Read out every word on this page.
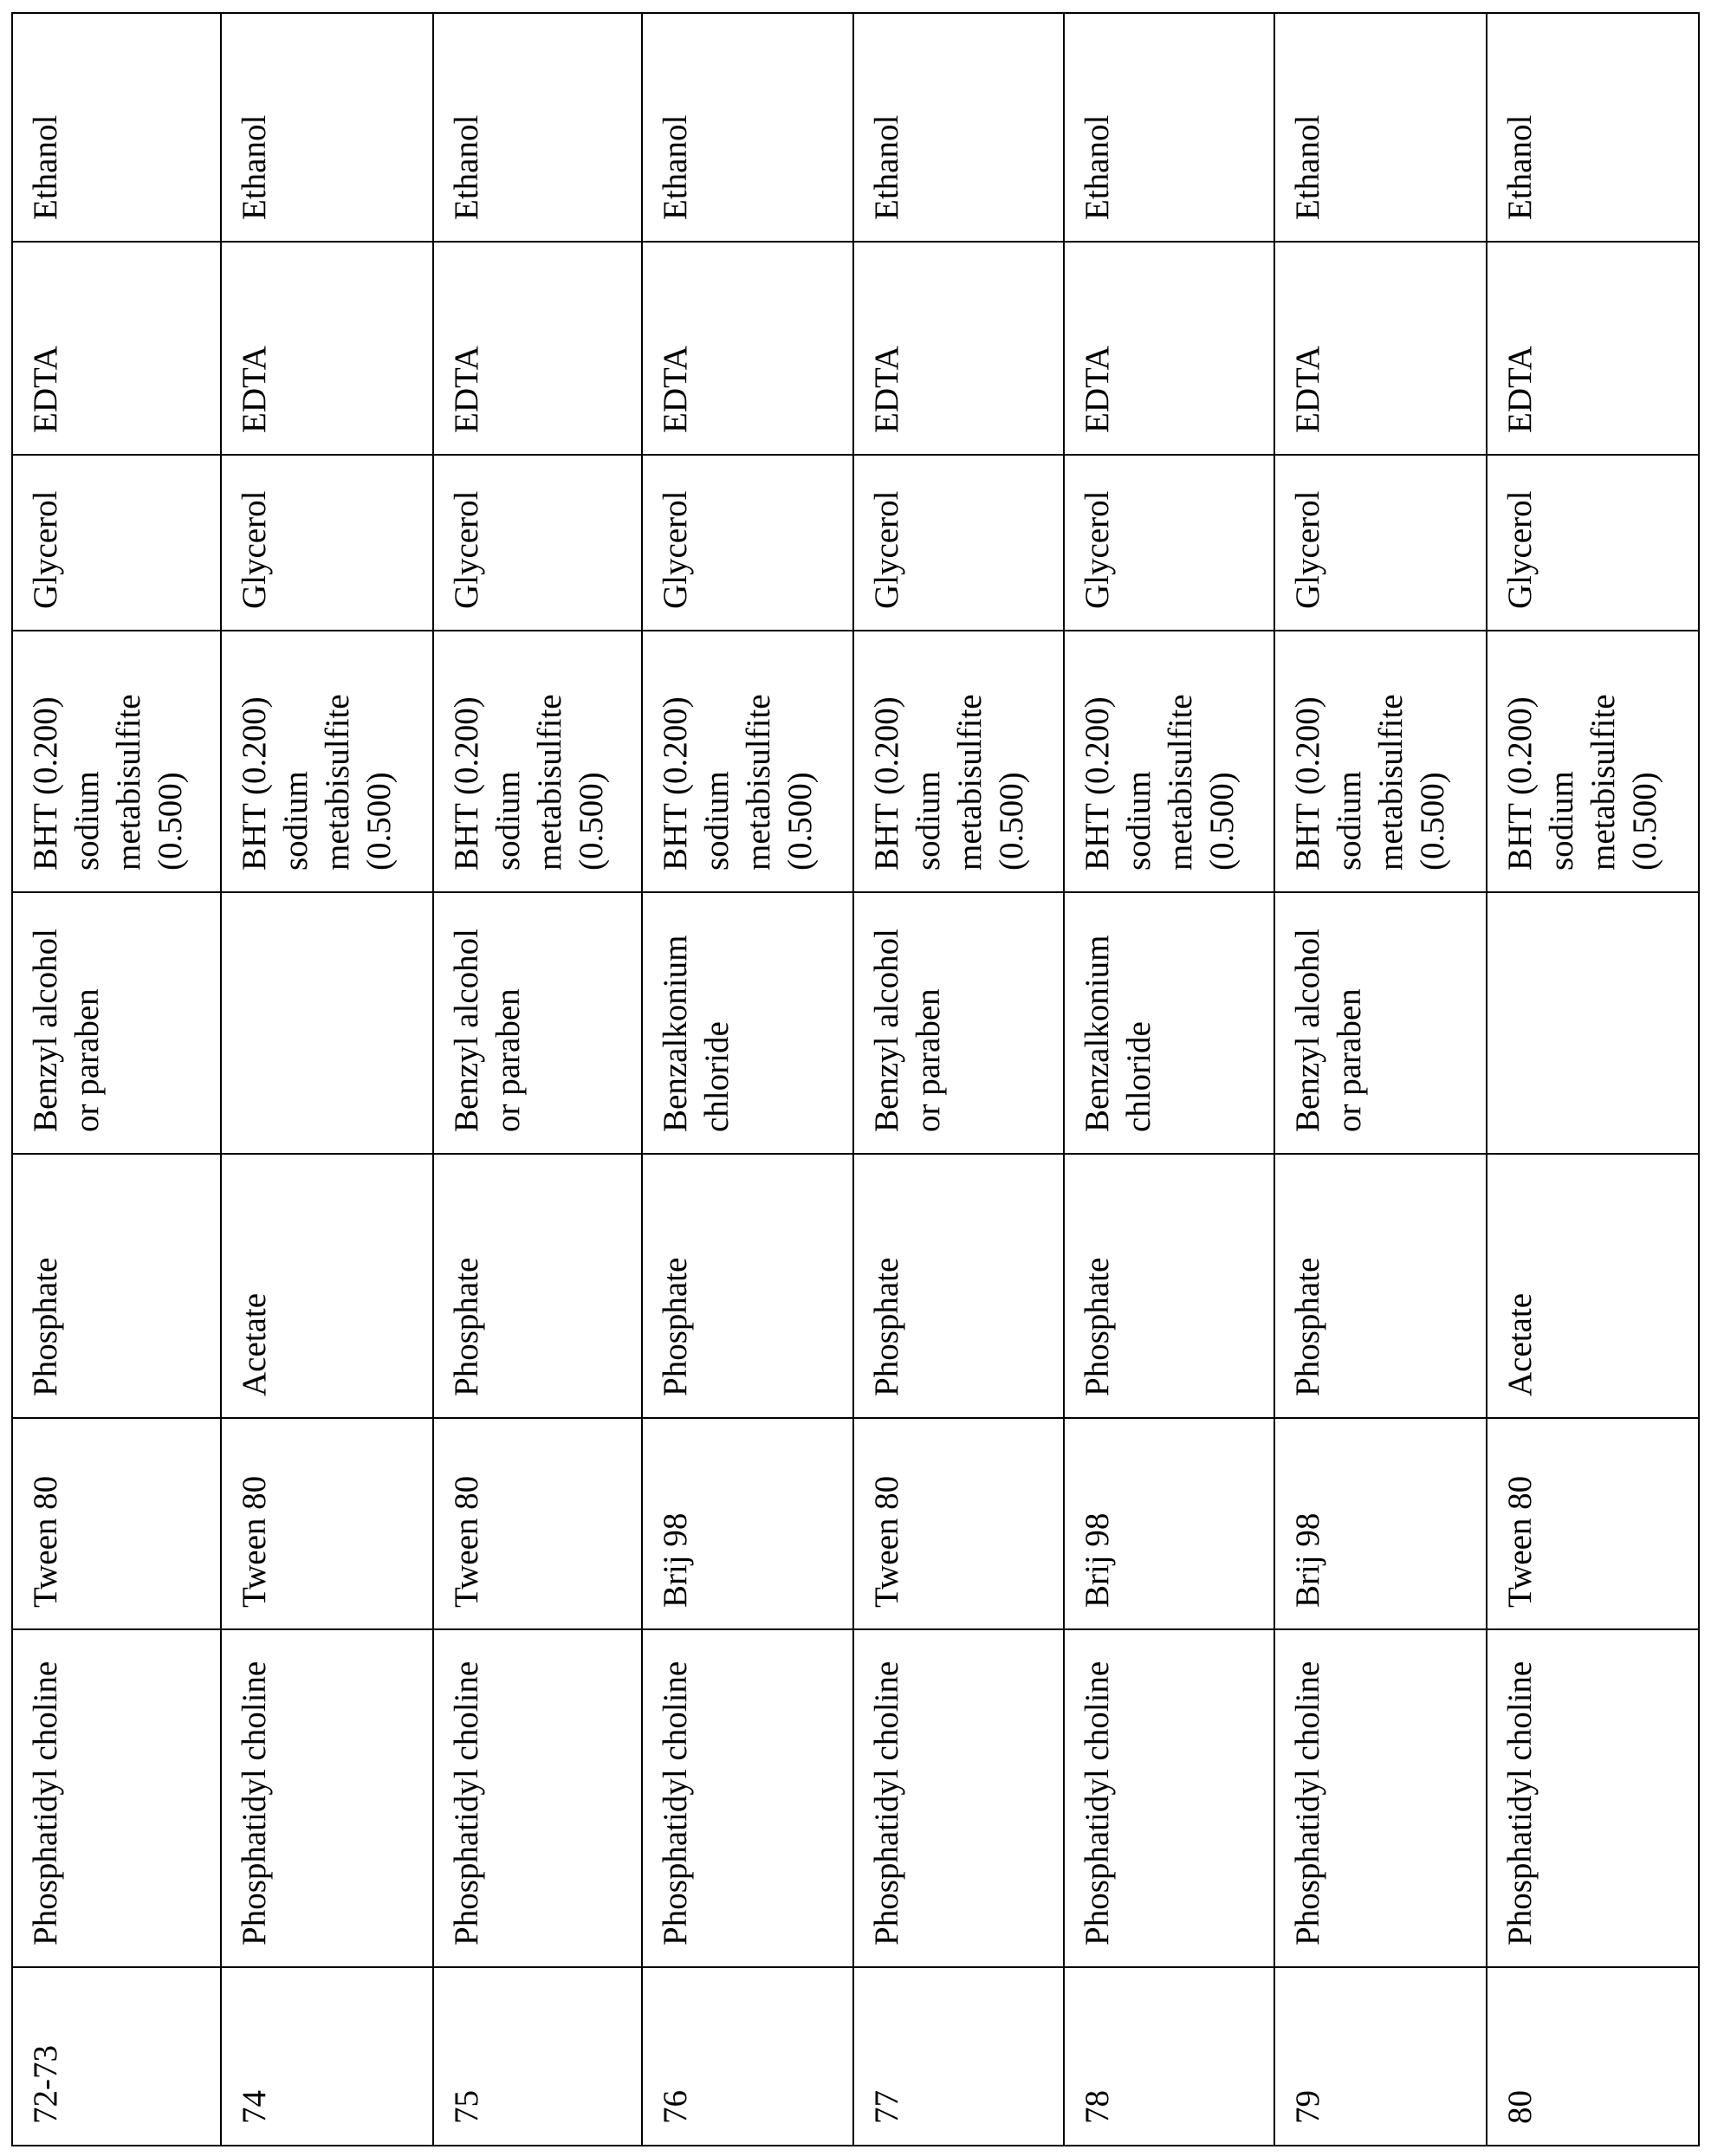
Ethanol
EDTA
Glycerol
BHT (0.200)
sodium
metabisulfite
(0.500)
Benzyl alcohol
or paraben
Phosphate
Tween 80
Phosphatidyl choline
72-73
Ethanol
EDTA
Glycerol
BHT (0.200)
sodium
metabisulfite
(0.500)
Acetate
Tween 80
Phosphatidyl choline
74
Ethanol
EDTA
Glycerol
BHT (0.200)
sodium
metabisulfite
(0.500)
Benzyl alcohol
or paraben
Phosphate
Tween 80
Phosphatidyl choline
75
Ethanol
EDTA
Glycerol
BHT (0.200)
sodium
metabisulfite
(0.500)
Benzalkonium
chloride
Phosphate
Brij 98
Phosphatidyl choline
76
Ethanol
EDTA
Glycerol
BHT (0.200)
sodium
metabisulfite
(0.500)
Benzyl alcohol
or paraben
Phosphate
Tween 80
Phosphatidyl choline
77
Ethanol
EDTA
Glycerol
BHT (0.200)
sodium
metabisulfite
(0.500)
Benzalkonium
chloride
Phosphate
Brij 98
Phosphatidyl choline
78
Ethanol
EDTA
Glycerol
BHT (0.200)
sodium
metabisulfite
(0.500)
Benzyl alcohol
or paraben
Phosphate
Brij 98
Phosphatidyl choline
79
Ethanol
EDTA
Glycerol
BHT (0.200)
sodium
metabisulfite
(0.500)
Acetate
Tween 80
Phosphatidyl choline
80
